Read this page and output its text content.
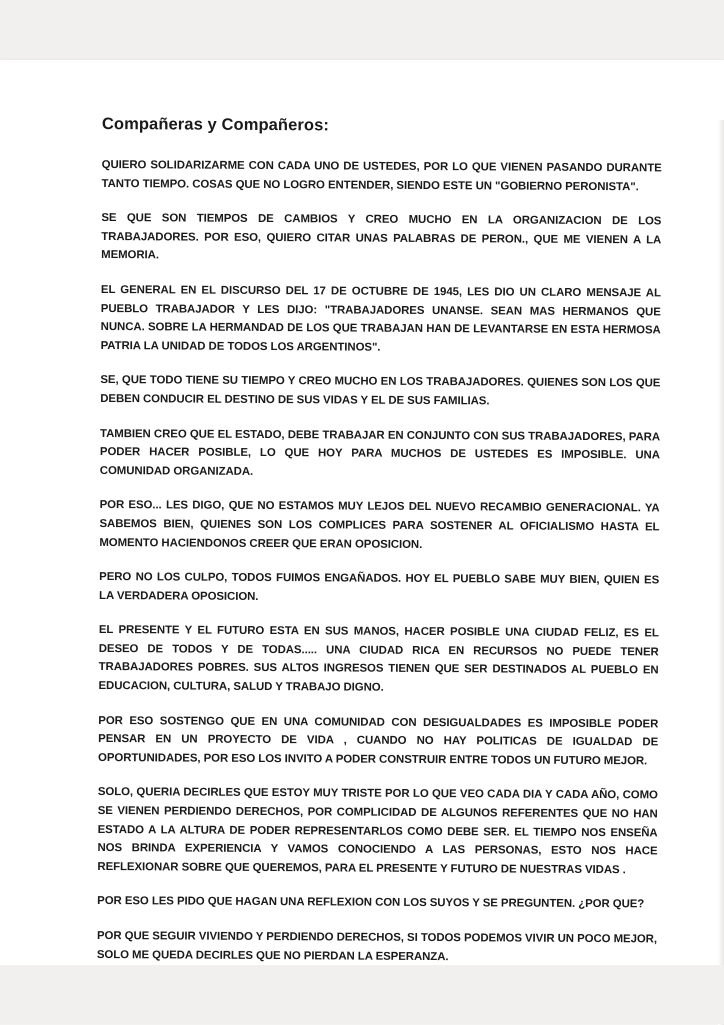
Compañeras y Compañeros:

QUIERO SOLIDARIZARME CON CADA UNO DE USTEDES, POR LO QUE VIENEN PASANDO DURANTE TANTO TIEMPO. COSAS QUE NO LOGRO ENTENDER, SIENDO ESTE UN "GOBIERNO PERONISTA".

SE QUE SON TIEMPOS DE CAMBIOS Y CREO MUCHO EN LA ORGANIZACION DE LOS TRABAJADORES. POR ESO, QUIERO CITAR UNAS PALABRAS DE PERON., QUE ME VIENEN A LA MEMORIA.

EL GENERAL EN EL DISCURSO DEL 17 DE OCTUBRE DE 1945, LES DIO UN CLARO MENSAJE AL PUEBLO TRABAJADOR Y LES DIJO: "TRABAJADORES UNANSE. SEAN MAS HERMANOS QUE NUNCA. SOBRE LA HERMANDAD DE LOS QUE TRABAJAN HAN DE LEVANTARSE EN ESTA HERMOSA PATRIA LA UNIDAD DE TODOS LOS ARGENTINOS".

SE, QUE TODO TIENE SU TIEMPO Y CREO MUCHO EN LOS TRABAJADORES. QUIENES SON LOS QUE DEBEN CONDUCIR EL DESTINO DE SUS VIDAS Y EL DE SUS FAMILIAS.

TAMBIEN CREO QUE EL ESTADO, DEBE TRABAJAR EN CONJUNTO CON SUS TRABAJADORES, PARA PODER HACER POSIBLE, LO QUE HOY PARA MUCHOS DE USTEDES ES IMPOSIBLE. UNA COMUNIDAD ORGANIZADA.

POR ESO... LES DIGO, QUE NO ESTAMOS MUY LEJOS DEL NUEVO RECAMBIO GENERACIONAL. YA SABEMOS BIEN, QUIENES SON LOS COMPLICES PARA SOSTENER AL OFICIALISMO HASTA EL MOMENTO HACIENDONOS CREER QUE ERAN OPOSICION.

PERO NO LOS CULPO, TODOS FUIMOS ENGAÑADOS. HOY EL PUEBLO SABE MUY BIEN, QUIEN ES LA VERDADERA OPOSICION.

EL PRESENTE Y EL FUTURO ESTA EN SUS MANOS, HACER POSIBLE UNA CIUDAD FELIZ, ES EL DESEO DE TODOS Y DE TODAS..... UNA CIUDAD RICA EN RECURSOS NO PUEDE TENER TRABAJADORES POBRES. SUS ALTOS INGRESOS TIENEN QUE SER DESTINADOS AL PUEBLO EN EDUCACION, CULTURA, SALUD Y TRABAJO DIGNO.

POR ESO SOSTENGO QUE EN UNA COMUNIDAD CON DESIGUALDADES ES IMPOSIBLE PODER PENSAR EN UN PROYECTO DE VIDA , CUANDO NO HAY POLITICAS DE IGUALDAD DE OPORTUNIDADES, POR ESO LOS INVITO A PODER CONSTRUIR ENTRE TODOS UN FUTURO MEJOR.

SOLO, QUERIA DECIRLES QUE ESTOY MUY TRISTE POR LO QUE VEO CADA DIA Y CADA AÑO, COMO SE VIENEN PERDIENDO DERECHOS, POR COMPLICIDAD DE ALGUNOS REFERENTES QUE NO HAN ESTADO A LA ALTURA DE PODER REPRESENTARLOS COMO DEBE SER. EL TIEMPO NOS ENSEÑA NOS BRINDA EXPERIENCIA Y VAMOS CONOCIENDO A LAS PERSONAS, ESTO NOS HACE REFLEXIONAR SOBRE QUE QUEREMOS, PARA EL PRESENTE Y FUTURO DE NUESTRAS VIDAS .

POR ESO LES PIDO QUE HAGAN UNA REFLEXION CON LOS SUYOS Y SE PREGUNTEN. ¿POR QUE?

POR QUE SEGUIR VIVIENDO Y PERDIENDO DERECHOS, SI TODOS PODEMOS VIVIR UN POCO MEJOR, SOLO ME QUEDA DECIRLES QUE NO PIERDAN LA ESPERANZA.
